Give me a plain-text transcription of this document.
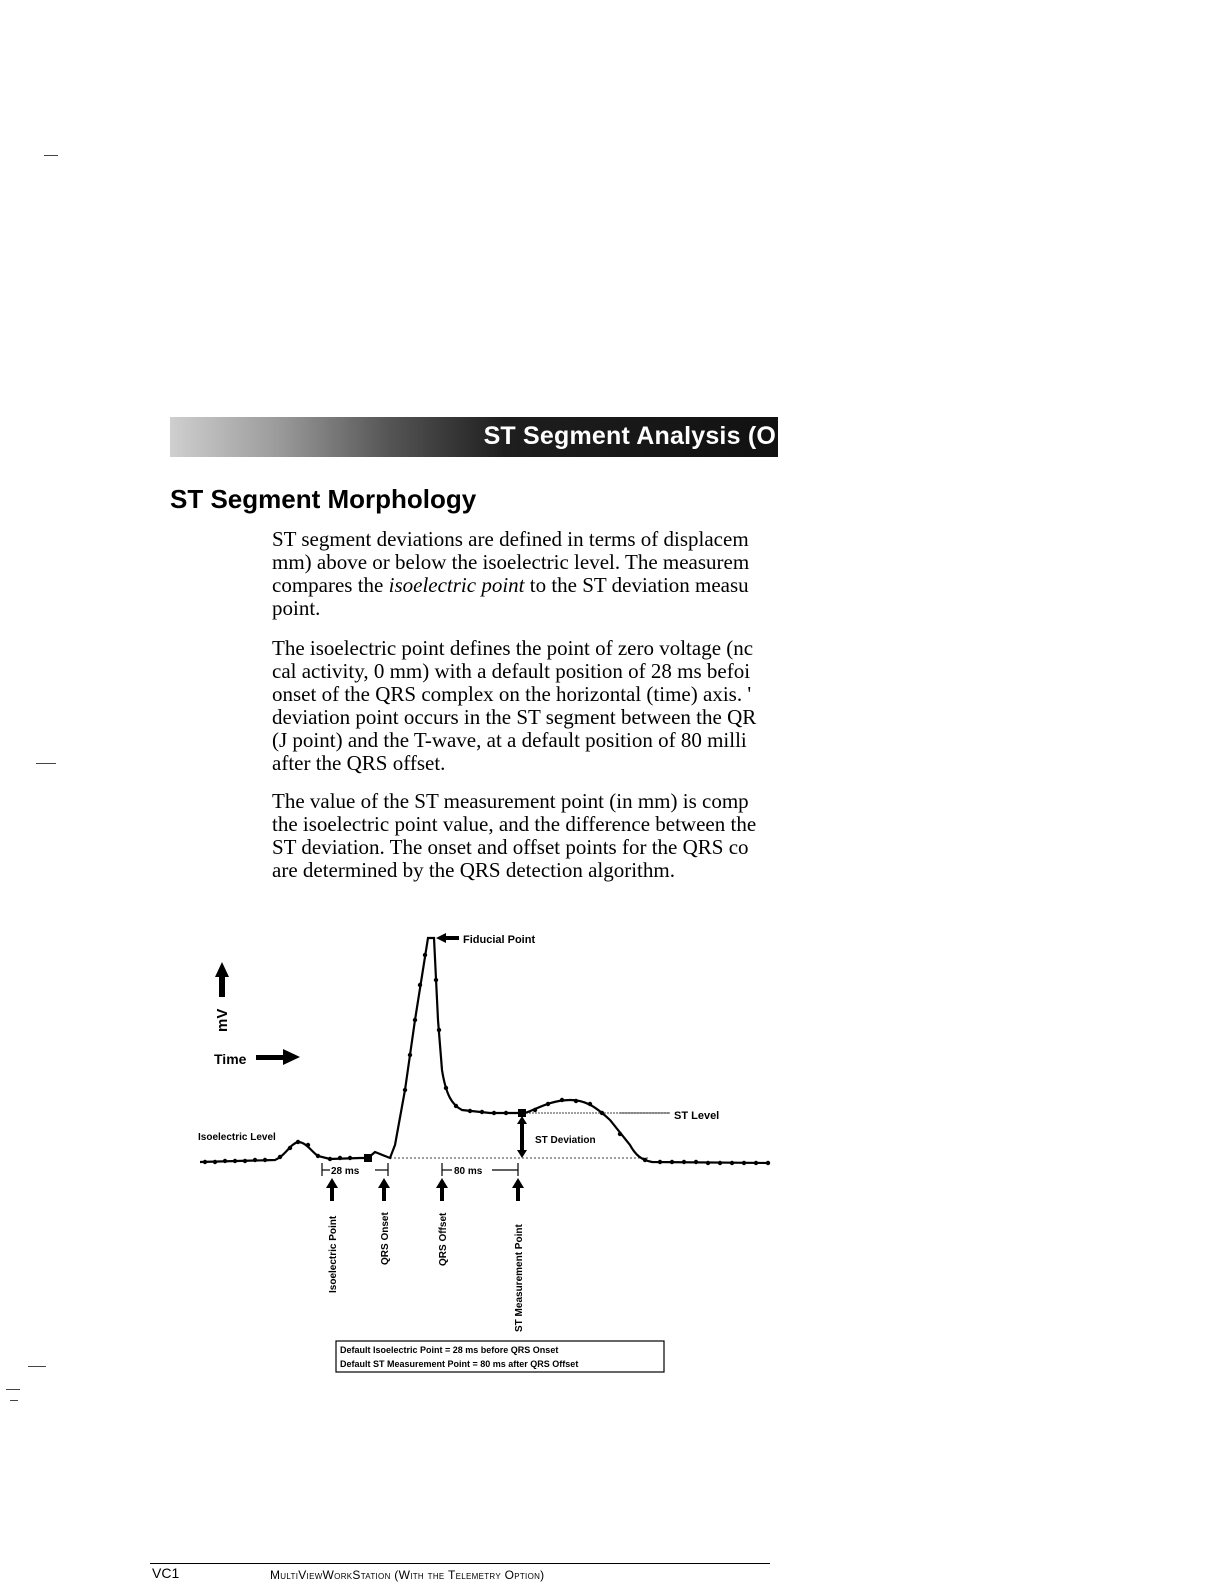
ST Segment Analysis (O
ST Segment Morphology
ST segment deviations are defined in terms of displacem
mm) above or below the isoelectric level. The measurem
compares the isoelectric point to the ST deviation measu
point.
The isoelectric point defines the point of zero voltage (nc
cal activity, 0 mm) with a default position of 28 ms befoi
onset of the QRS complex on the horizontal (time) axis. '
deviation point occurs in the ST segment between the QR
(J point) and the T-wave, at a default position of 80 milli
after the QRS offset.
The value of the ST measurement point (in mm) is comp
the isoelectric point value, and the difference between the
ST deviation. The onset and offset points for the QRS co
are determined by the QRS detection algorithm.
mV
Time
Fiducial Point
ST Level
Isoelectric Level	ST Deviation
28 ms	80 ms
Isoelectric Point	QRS Onset	QRS Offset	ST Measurement Point
Default Isoelectric Point = 28 ms before QRS Onset
Default ST Measurement Point = 80 ms after QRS Offset
VC1	MultiViewWorkStation (With the Telemetry Option)
